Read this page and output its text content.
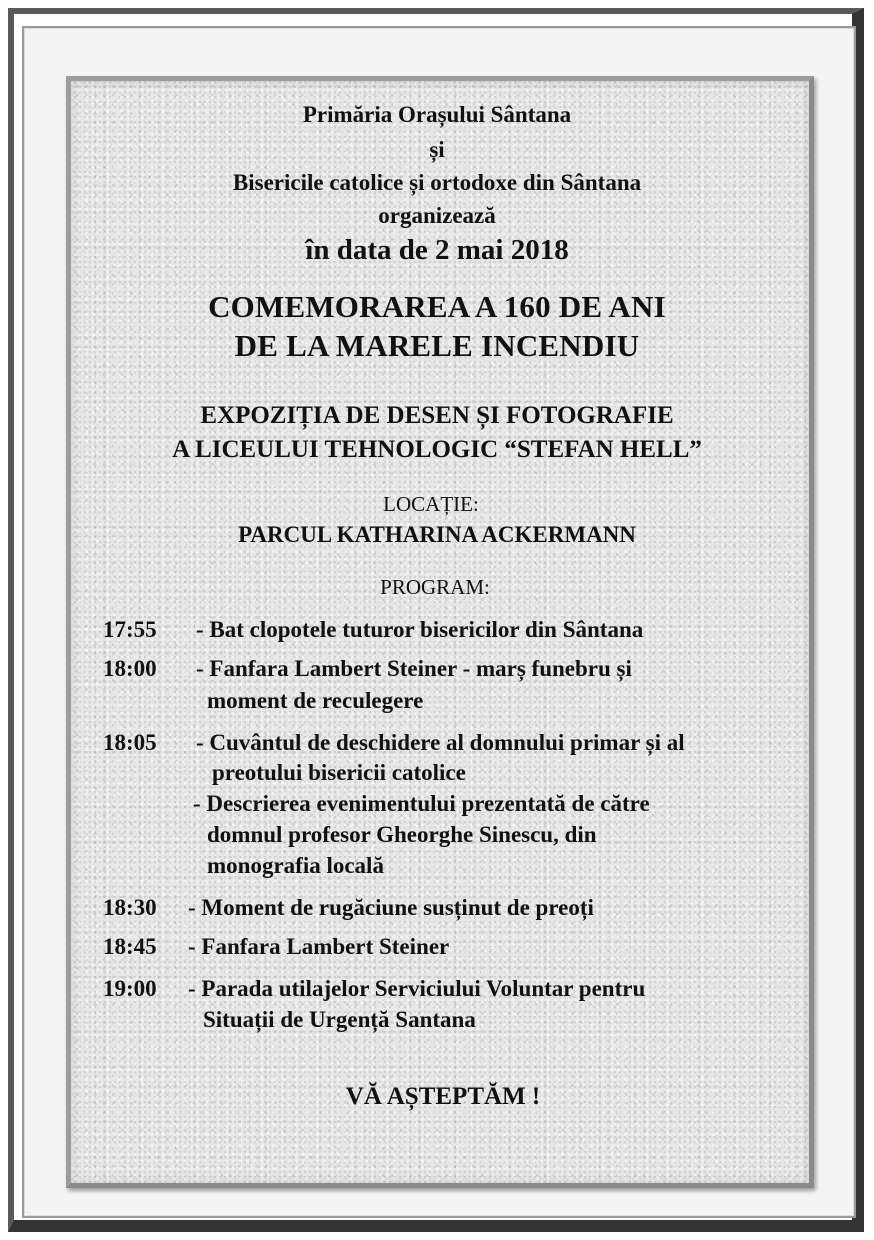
Primăria Orașului Sântana
și
Bisericile catolice și ortodoxe din Sântana
organizează
în data de 2 mai 2018
COMEMORAREA A 160 DE ANI
DE LA MARELE INCENDIU
EXPOZIȚIA DE DESEN ȘI FOTOGRAFIE
A LICEULUI TEHNOLOGIC “STEFAN HELL”
LOCAȚIE:
PARCUL KATHARINA ACKERMANN
PROGRAM:
17:55 - Bat clopotele tuturor bisericilor din Sântana
18:00 - Fanfara Lambert Steiner - marș funebru și
moment de reculegere
18:05 - Cuvântul de deschidere al domnului primar și al
preotului bisericii catolice
- Descrierea evenimentului prezentată de către
domnul profesor Gheorghe Sinescu, din
monografia locală
18:30 - Moment de rugăciune susținut de preoți
18:45 - Fanfara Lambert Steiner
19:00 - Parada utilajelor Serviciului Voluntar pentru
Situații de Urgență Santana
VĂ AȘTEPTĂM !
